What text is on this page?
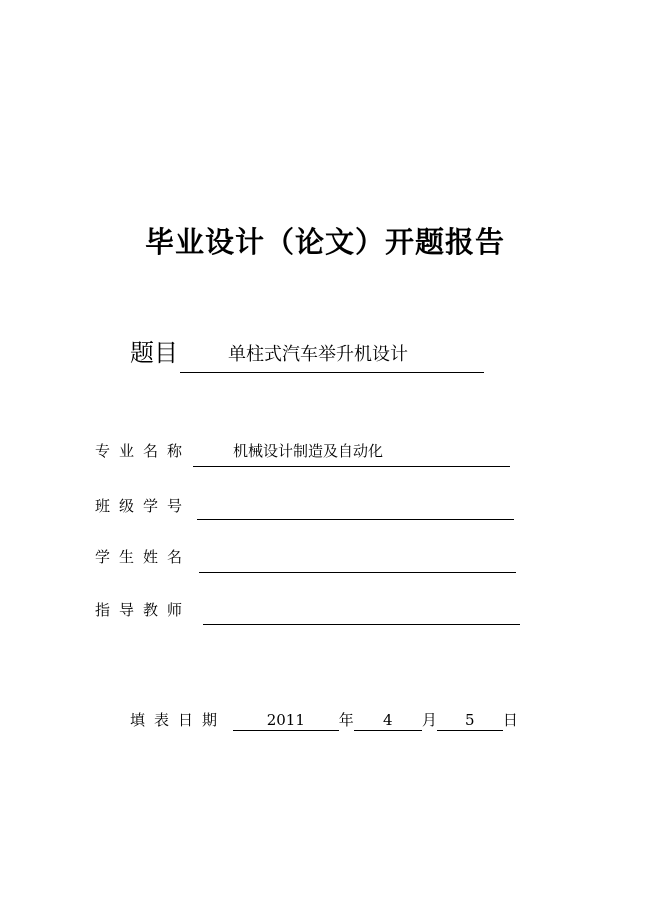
毕业设计（论文）开题报告
题目	单柱式汽车举升机设计
专业名称	机械设计制造及自动化
班级学号
学生姓名
指导教师
填表日期	2011 年 4 月 5 日
